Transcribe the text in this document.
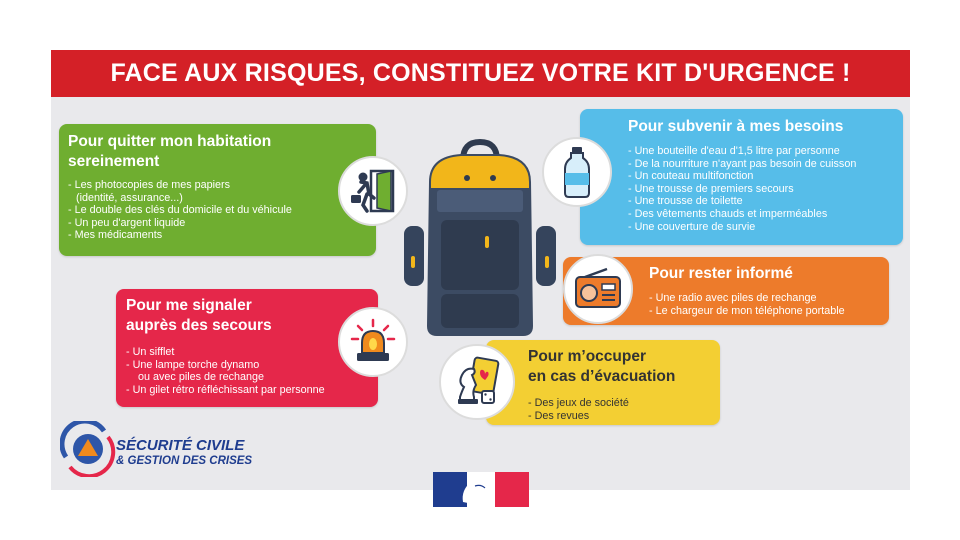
FACE AUX RISQUES, CONSTITUEZ VOTRE KIT D'URGENCE !
Pour quitter mon habitation
sereinement
- Les photocopies de mes papiers
(identité, assurance...)
- Le double des clés du domicile et du véhicule
- Un peu d'argent liquide
- Mes médicaments
Pour me signaler
auprès des secours
- Un sifflet
- Une lampe torche dynamo
ou avec piles de rechange
- Un gilet rétro réfléchissant par personne
Pour subvenir à mes besoins
- Une bouteille d'eau d'1,5 litre par personne
- De la nourriture n'ayant pas besoin de cuisson
- Un couteau multifonction
- Une trousse de premiers secours
- Une trousse de toilette
- Des vêtements chauds et imperméables
- Une couverture de survie
Pour rester informé
- Une radio avec piles de rechange
- Le chargeur de mon téléphone portable
Pour m’occuper
en cas d’évacuation
- Des jeux de société
- Des revues
SÉCURITÉ CIVILE
& GESTION DES CRISES
